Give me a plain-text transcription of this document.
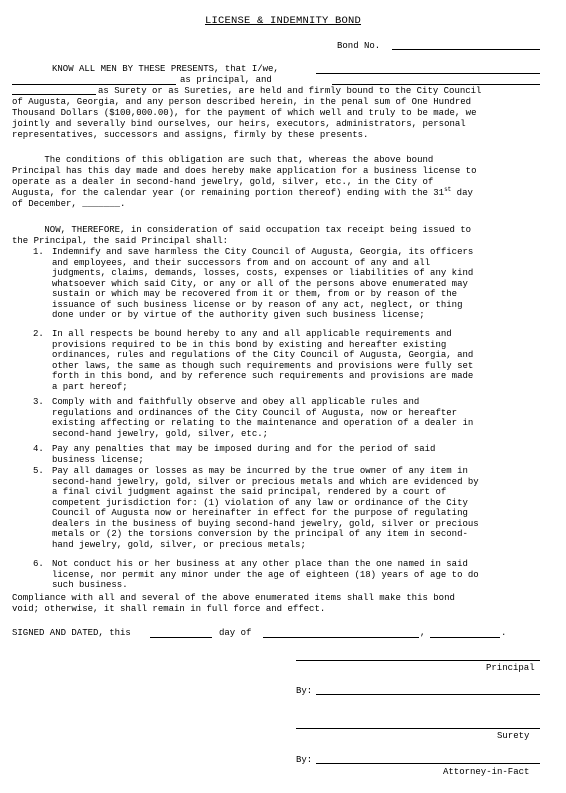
LICENSE & INDEMNITY BOND
Bond No.
KNOW ALL MEN BY THESE PRESENTS, that I/we,
as principal, and
as Surety or as Sureties, are held and firmly bound to the City Council
of Augusta, Georgia, and any person described herein, in the penal sum of One Hundred
Thousand Dollars ($100,000.00), for the payment of which well and truly to be made, we
jointly and severally bind ourselves, our heirs, executors, administrators, personal
representatives, successors and assigns, firmly by these presents.
The conditions of this obligation are such that, whereas the above bound
Principal has this day made and does hereby make application for a business license to
operate as a dealer in second-hand jewelry, gold, silver, etc., in the City of
Augusta, for the calendar year (or remaining portion thereof) ending with the 31st day
of December, _______.
NOW, THEREFORE, in consideration of said occupation tax receipt being issued to
the Principal, the said Principal shall:
1. Indemnify and save harmless the City Council of Augusta, Georgia, its officers
and employees, and their successors from and on account of any and all
judgments, claims, demands, losses, costs, expenses or liabilities of any kind
whatsoever which said City, or any or all of the persons above enumerated may
sustain or which may be recovered from it or them, from or by reason of the
issuance of such business license or by reason of any act, neglect, or thing
done under or by virtue of the authority given such business license;
2. In all respects be bound hereby to any and all applicable requirements and
provisions required to be in this bond by existing and hereafter existing
ordinances, rules and regulations of the City Council of Augusta, Georgia, and
other laws, the same as though such requirements and provisions were fully set
forth in this bond, and by reference such requirements and provisions are made
a part hereof;
3. Comply with and faithfully observe and obey all applicable rules and
regulations and ordinances of the City Council of Augusta, now or hereafter
existing affecting or relating to the maintenance and operation of a dealer in
second-hand jewelry, gold, silver, etc.;
4. Pay any penalties that may be imposed during and for the period of said
business license;
5. Pay all damages or losses as may be incurred by the true owner of any item in
second-hand jewelry, gold, silver or precious metals and which are evidenced by
a final civil judgment against the said principal, rendered by a court of
competent jurisdiction for: (1) violation of any law or ordinance of the City
Council of Augusta now or hereinafter in effect for the purpose of regulating
dealers in the business of buying second-hand jewelry, gold, silver or precious
metals or (2) the torsions conversion by the principal of any item in second-
hand jewelry, gold, silver, or precious metals;
6. Not conduct his or her business at any other place than the one named in said
license, nor permit any minor under the age of eighteen (18) years of age to do
such business.
Compliance with all and several of the above enumerated items shall make this bond
void; otherwise, it shall remain in full force and effect.
SIGNED AND DATED, this	day of	,	.
Principal
By:
Surety
By:
Attorney-in-Fact
